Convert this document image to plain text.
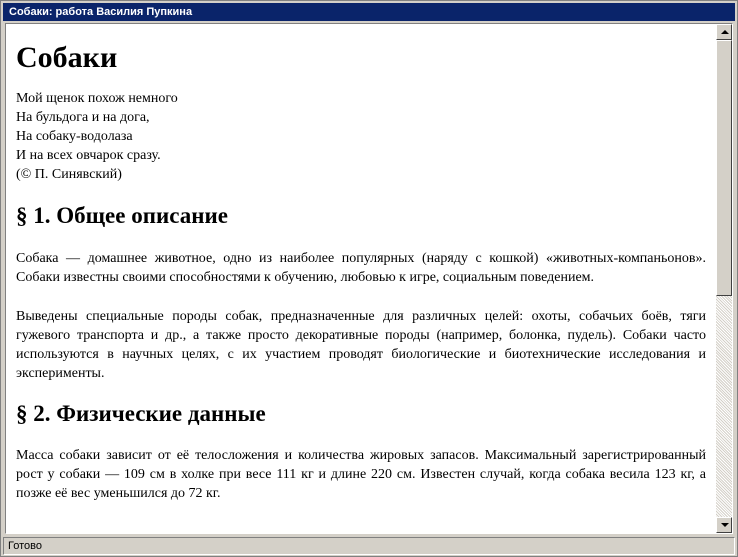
Собаки: работа Василия Пупкина
Собаки
Мой щенок похож немного
На бульдога и на дога,
На собаку-водолаза
И на всех овчарок сразу.
(© П. Синявский)
§ 1. Общее описание

Собака — домашнее животное, одно из наиболее популярных (наряду с кошкой) «животных-компаньонов». Собаки известны своими способностями к обучению, любовью к игре, социальным поведением.

Выведены специальные породы собак, предназначенные для различных целей: охоты, собачьих боёв, тяги гужевого транспорта и др., а также просто декоративные породы (например, болонка, пудель). Собаки часто используются в научных целях, с их участием проводят биологические и биотехнические исследования и эксперименты.

§ 2. Физические данные

Масса собаки зависит от её телосложения и количества жировых запасов. Максимальный зарегистрированный рост у собаки — 109 см в холке при весе 111 кг и длине 220 см. Известен случай, когда собака весила 123 кг, а позже её вес уменьшился до 72 кг.

Готово
